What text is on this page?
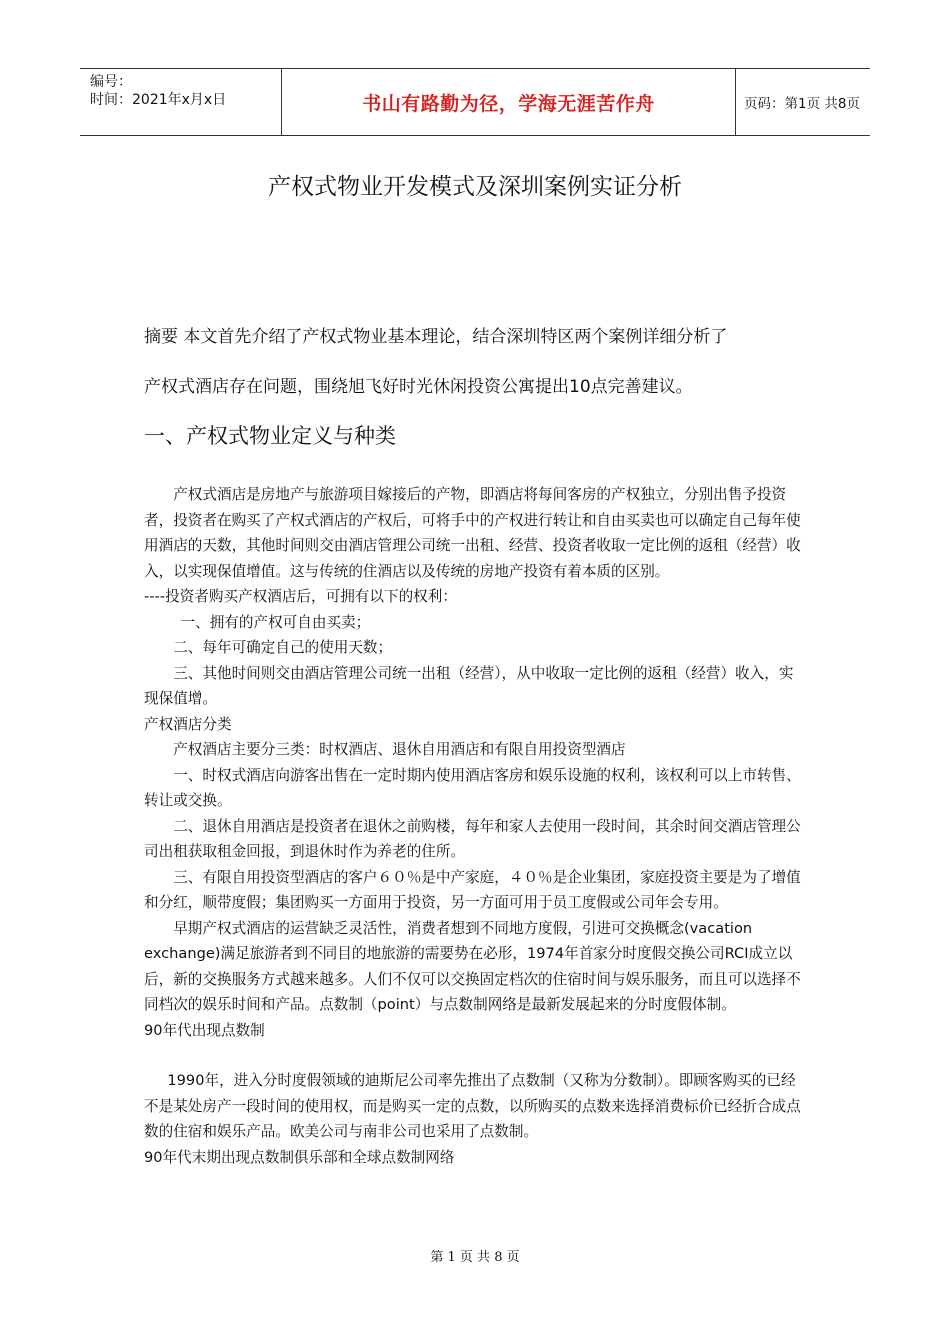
编号：
时间：2021年x月x日	书山有路勤为径，学海无涯苦作舟	页码：第1页 共8页
产权式物业开发模式及深圳案例实证分析
摘要 本文首先介绍了产权式物业基本理论，结合深圳特区两个案例详细分析了
产权式酒店存在问题，围绕旭飞好时光休闲投资公寓提出10点完善建议。
一、产权式物业定义与种类

产权式酒店是房地产与旅游项目嫁接后的产物，即酒店将每间客房的产权独立，分别出售予投资者，投资者在购买了产权式酒店的产权后，可将手中的产权进行转让和自由买卖也可以确定自己每年使用酒店的天数，其他时间则交由酒店管理公司统一出租、经营、投资者收取一定比例的返租（经营）收入，以实现保值增值。这与传统的住酒店以及传统的房地产投资有着本质的区别。

----投资者购买产权酒店后，可拥有以下的权利：

一、拥有的产权可自由买卖；

二、每年可确定自己的使用天数；

三、其他时间则交由酒店管理公司统一出租（经营），从中收取一定比例的返租（经营）收入，实现保值增。

产权酒店分类

产权酒店主要分三类：时权酒店、退休自用酒店和有限自用投资型酒店

一、时权式酒店向游客出售在一定时期内使用酒店客房和娱乐设施的权利，该权利可以上市转售、转让或交换。

二、退休自用酒店是投资者在退休之前购楼，每年和家人去使用一段时间，其余时间交酒店管理公司出租获取租金回报，到退休时作为养老的住所。

三、有限自用投资型酒店的客户６０％是中产家庭，４０％是企业集团，家庭投资主要是为了增值和分红，顺带度假；集团购买一方面用于投资，另一方面可用于员工度假或公司年会专用。

早期产权式酒店的运营缺乏灵活性，消费者想到不同地方度假，引进可交换概念(vacation exchange)满足旅游者到不同目的地旅游的需要势在必形，1974年首家分时度假交换公司RCI成立以后，新的交换服务方式越来越多。人们不仅可以交换固定档次的住宿时间与娱乐服务，而且可以选择不同档次的娱乐时间和产品。点数制（point）与点数制网络是最新发展起来的分时度假体制。

90年代出现点数制

1990年，进入分时度假领域的迪斯尼公司率先推出了点数制（又称为分数制）。即顾客购买的已经不是某处房产一段时间的使用权，而是购买一定的点数，以所购买的点数来选择消费标价已经折合成点数的住宿和娱乐产品。欧美公司与南非公司也采用了点数制。

90年代末期出现点数制俱乐部和全球点数制网络

第 1 页 共 8 页
